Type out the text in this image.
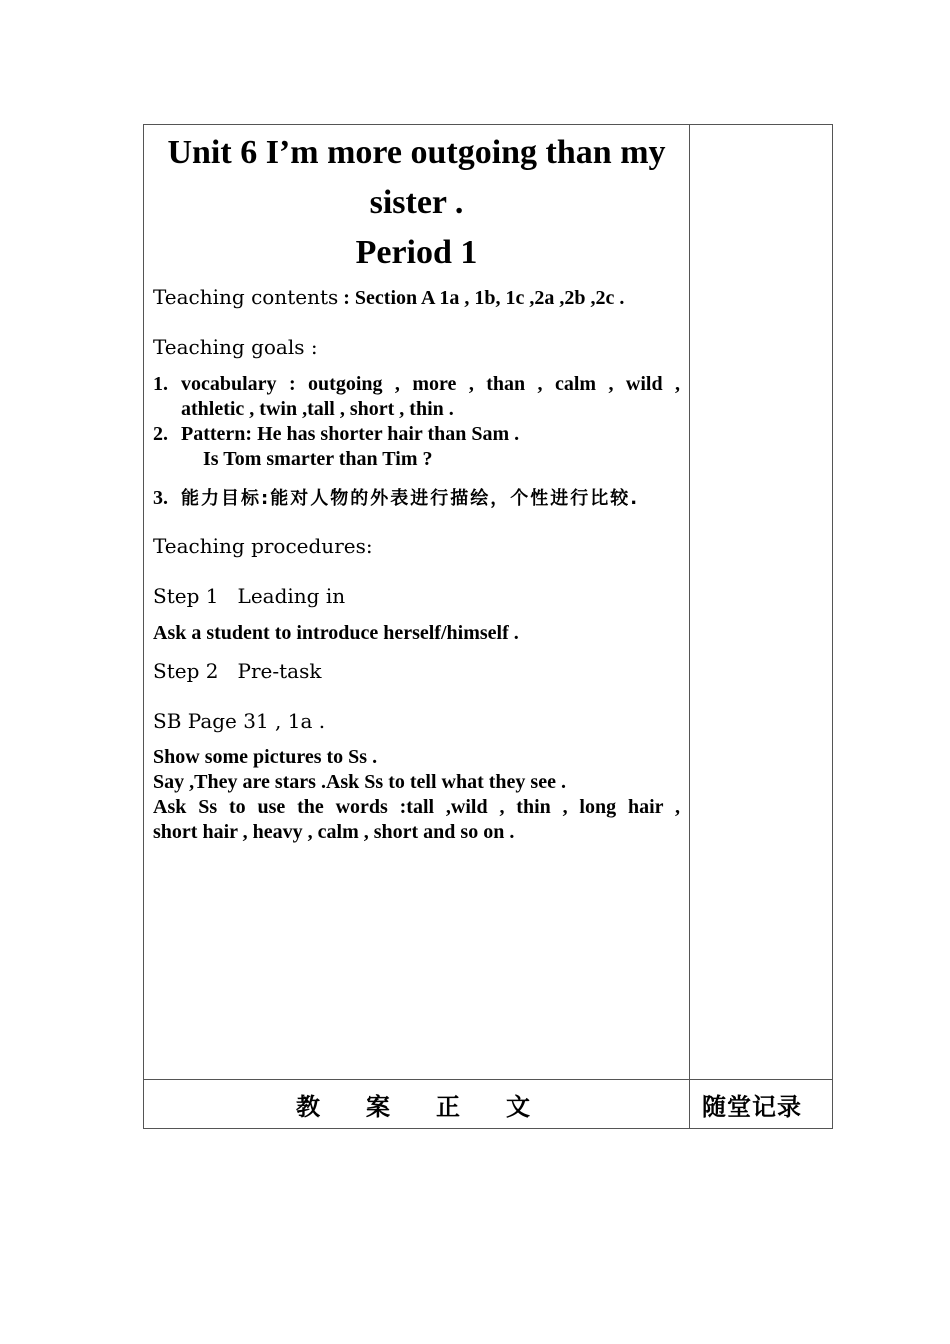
Unit 6 I’m more outgoing than my
sister .
Period 1
Teaching contents : Section A 1a , 1b, 1c ,2a ,2b ,2c .
Teaching goals :
1. vocabulary : outgoing , more , than , calm , wild ,
athletic , twin ,tall , short , thin .
2. Pattern: He has shorter hair than Sam .
Is Tom smarter than Tim ?
3. 能力目标:能对人物的外表进行描绘，个性进行比较.
Teaching procedures:
Step 1   Leading in
Ask a student to introduce herself/himself .
Step 2   Pre-task
SB Page 31 , 1a .
Show some pictures to Ss .
Say ,They are stars .Ask Ss to tell what they see .
Ask Ss to use the words :tall ,wild , thin , long hair ,
short hair , heavy , calm , short and so on .
教 案 正 文	随堂记录
